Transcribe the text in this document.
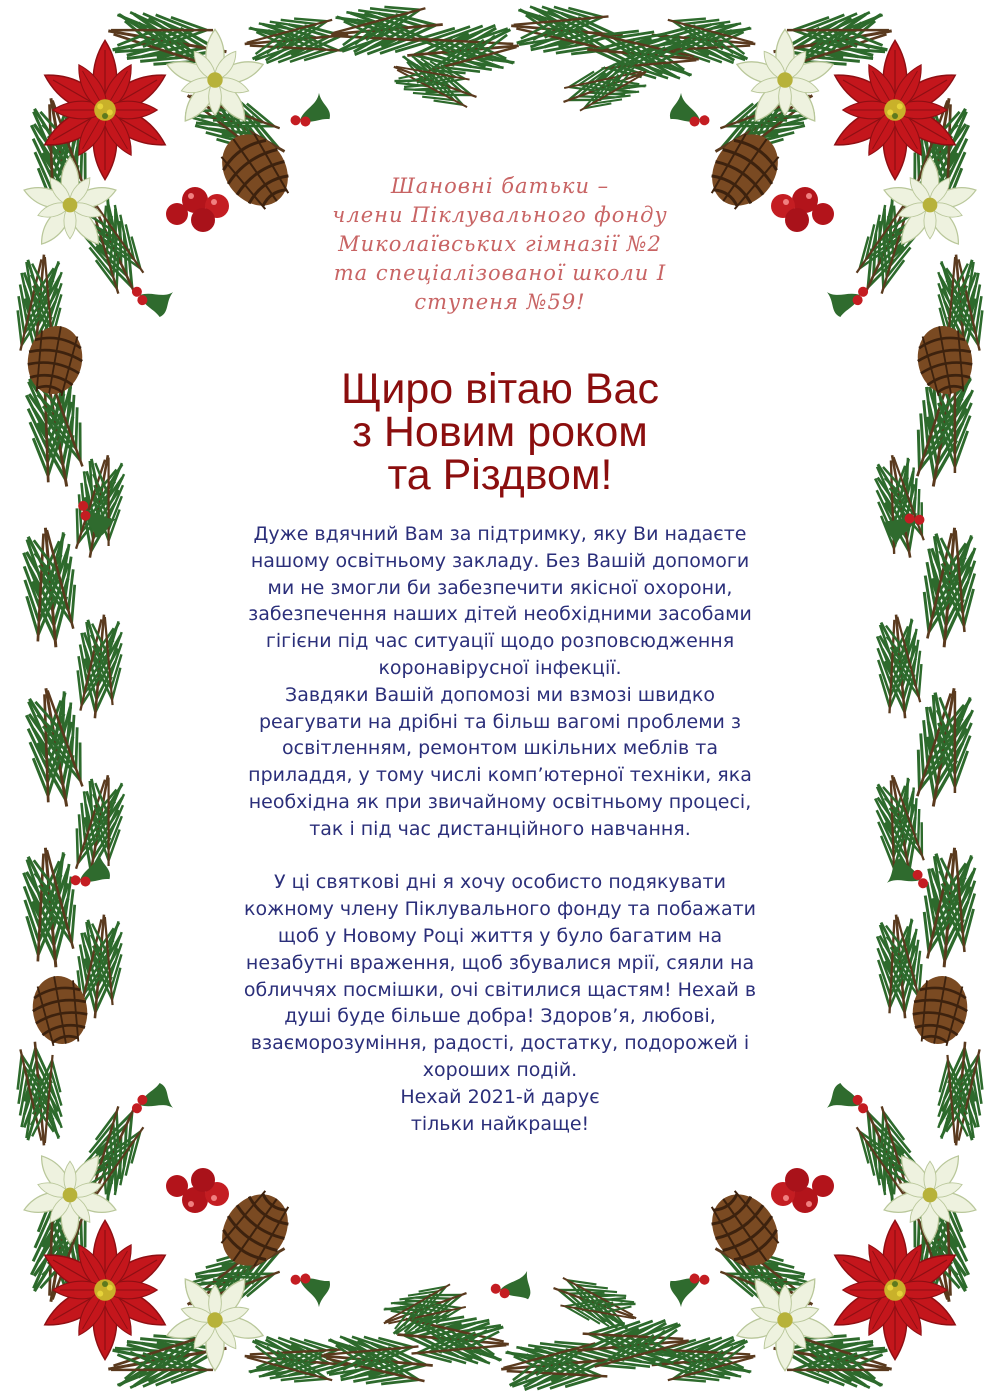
Шановні батьки –
члени Піклувального фонду
Миколаївських гімназії №2
та спеціалізованої школи І
ступеня №59!
Щиро вітаю Вас
з Новим роком
та Різдвом!
Дуже вдячний Вам за підтримку, яку Ви надаєте
нашому освітньому закладу. Без Вашій допомоги
ми не змогли би забезпечити якісної охорони,
забезпечення наших дітей необхідними засобами
гігієни під час ситуації щодо розповсюдження
коронавірусної інфекції.
Завдяки Вашій допомозі ми взмозі швидко
реагувати на дрібні та більш вагомі проблеми з
освітленням, ремонтом шкільних меблів та
приладдя, у тому числі комп’ютерної техніки, яка
необхідна як при звичайному освітньому процесі,
так і під час дистанційного навчання.
У ці святкові дні я хочу особисто подякувати
кожному члену Піклувального фонду та побажати
щоб у Новому Році життя у було багатим на
незабутні враження, щоб збувалися мрії, сяяли на
обличчях посмішки, очі світилися щастям! Нехай в
душі буде більше добра! Здоров’я, любові,
взаєморозуміння, радості, достатку, подорожей і
хороших подій.
Нехай 2021-й дарує
тільки найкраще!
